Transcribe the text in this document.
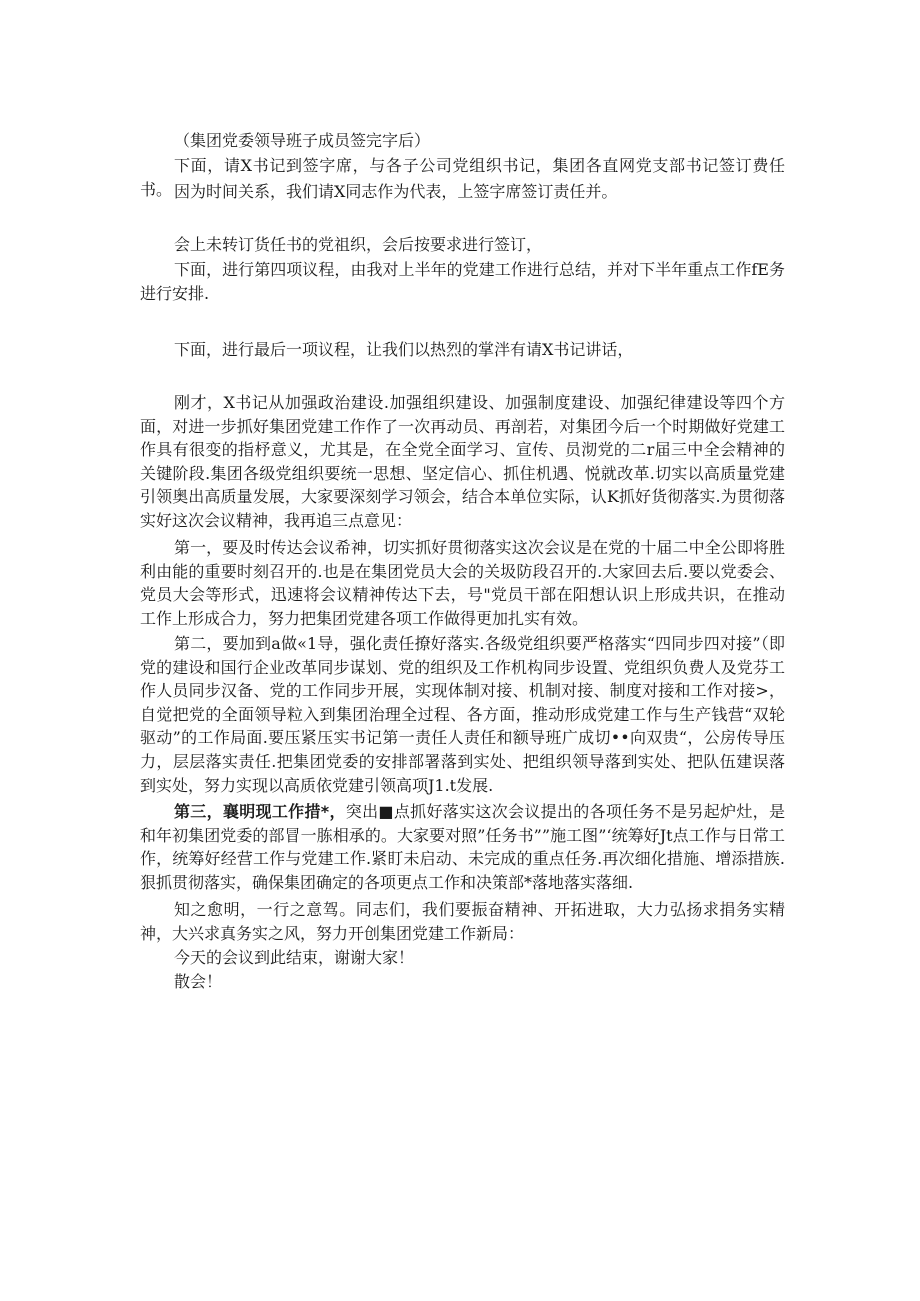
（集团党委领导班子成员签完字后）

下面，请X书记到签字席，与各子公司党组织书记，集团各直网党支部书记签订费任书。 因为时间关系，我们请X同志作为代表，上签字席签订责任并。

会上未转订货任书的党祖织，会后按要求进行签订，

下面，进行第四项议程，由我对上半年的党建工作进行总结，并对下半年重点工作fE务进行安排.

下面，进行最后一项议程，让我们以热烈的掌泮有请X书记讲话，

刚才，X书记从加强政治建设.加强组织建设、加强制度建设、加强纪律建设等四个方面，对进一步抓好集团党建工作作了一次再动员、再剖若，对集团今后一个时期做好党建工作具有很变的指杼意义，尤其是，在全党全面学习、宣传、员沏党的二r届三中全会精神的关键阶段.集团各级党组织要统一思想、坚定信心、抓住机遇、悦就改革.切实以高质量党建引领奥出高质量发展，大家要深刻学习领会，结合本单位实际，认K抓好货彻落实.为贯彻落实好这次会议精神，我再追三点意见：

第一，要及时传达会议希神，切实抓好贯彻落实这次会议是在党的十届二中全公即将胜利由能的重要时刻召开的.也是在集团党员大会的关圾防段召开的.大家回去后.要以党委会、党员大会等形式，迅速将会议精神传达下去，号"党员干部在阳想认识上形成共识，在推动工作上形成合力，努力把集团党建各项工作做得更加扎实有效。

第二，要加到a做«1导，强化责任撩好落实.各级党组织要严格落实“四同步四对接”（即党的建设和国行企业改革同步谋划、党的组织及工作机构同步设置、党组织负费人及党芬工作人员同步汉备、党的工作同步开展，实现体制对接、机制对接、制度对接和工作对接>，自觉把党的全面领导粒入到集团治理全过程、各方面，推动形成党建工作与生产钱营“双轮驱动”的工作局面.要压紧压实书记第一责任人责任和额导班广成切••向双贵“，公房传导压力，层层落实责任.把集团党委的安排部署落到实处、把组织领导落到实处、把队伍建误落到实处，努力实现以高质依党建引领高项J1.t发展.

第三，襄明现工作措*，突出■点抓好落实这次会议提出的各项任务不是另起炉灶，是和年初集团党委的部冒一胨相承的。大家要对照”任务书””施工图”‘统筹好Jt点工作与日常工作，统筹好经营工作与党建工作.紧盯未启动、未完成的重点任务.再次细化措施、增添措族.狠抓贯彻落实，确保集团确定的各项更点工作和决策部*落地落实落细.

知之愈明，一行之意驾。同志们，我们要振奋精神、开拓进取，大力弘扬求捐务实精神，大兴求真务实之风，努力开创集团党建工作新局：

今天的会议到此结束，谢谢大家！

散会！
